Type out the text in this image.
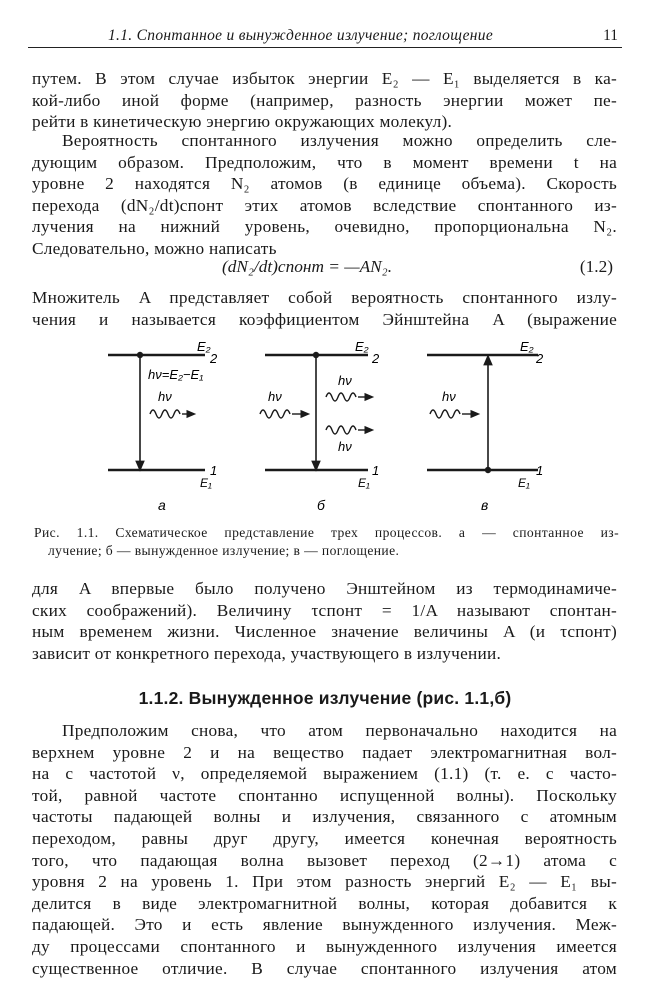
1.1. Спонтанное и вынужденное излучение; поглощение	11
путем. В этом случае избыток энергии E₂ — E₁ выделяется в ка-
кой-либо иной форме (например, разность энергии может пе-
рейти в кинетическую энергию окружающих молекул).
Вероятность спонтанного излучения можно определить сле-
дующим образом. Предположим, что в момент времени t на
уровне 2 находятся N₂ атомов (в единице объема). Скорость
перехода (dN₂/dt)спонт этих атомов вследствие спонтанного из-
лучения на нижний уровень, очевидно, пропорциональна N₂.
Следовательно, можно написать
(dN₂/dt)спонт = —AN₂.	(1.2)
Множитель A представляет собой вероятность спонтанного излу-
чения и называется коэффициентом Эйнштейна A (выражение
E₂
2
1
E₁
hν=E₂−E₁
hν
а
E₂
2
1
E₁
hν
hν
hν
б
E₂
2
1
E₁
hν
в
Рис. 1.1. Схематическое представление трех процессов. а — спонтанное из-
лучение; б — вынужденное излучение; в — поглощение.
для A впервые было получено Энштейном из термодинамиче-
ских соображений). Величину τспонт = 1/A называют спонтан-
ным временем жизни. Численное значение величины A (и τспонт)
зависит от конкретного перехода, участвующего в излучении.
1.1.2. Вынужденное излучение (рис. 1.1,б)
Предположим снова, что атом первоначально находится на
верхнем уровне 2 и на вещество падает электромагнитная вол-
на с частотой ν, определяемой выражением (1.1) (т. е. с часто-
той, равной частоте спонтанно испущенной волны). Поскольку
частоты падающей волны и излучения, связанного с атомным
переходом, равны друг другу, имеется конечная вероятность
того, что падающая волна вызовет переход (2→1) атома с
уровня 2 на уровень 1. При этом разность энергий E₂ — E₁ вы-
делится в виде электромагнитной волны, которая добавится к
падающей. Это и есть явление вынужденного излучения. Меж-
ду процессами спонтанного и вынужденного излучения имеется
существенное отличие. В случае спонтанного излучения атом
